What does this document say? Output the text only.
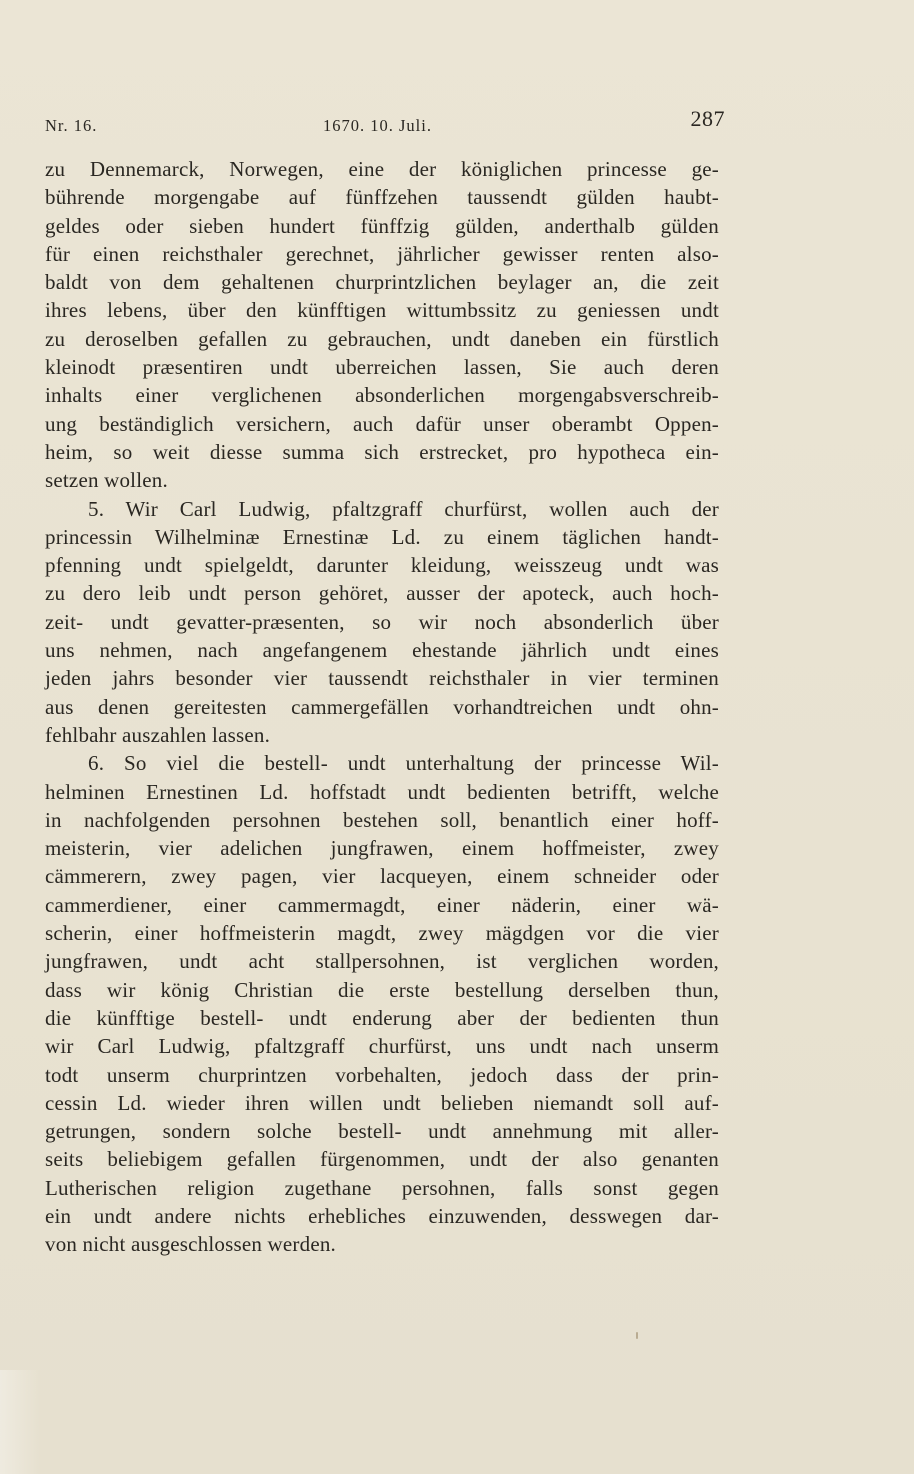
Nr. 16.	1670. 10. Juli.	287
zu Dennemarck, Norwegen, eine der königlichen princesse ge-
bührende morgengabe auf fünffzehen taussendt gülden haubt-
geldes oder sieben hundert fünffzig gülden, anderthalb gülden
für einen reichsthaler gerechnet, jährlicher gewisser renten also-
baldt von dem gehaltenen churprintzlichen beylager an, die zeit
ihres lebens, über den künfftigen wittumbssitz zu geniessen undt
zu deroselben gefallen zu gebrauchen, undt daneben ein fürstlich
kleinodt præsentiren undt uberreichen lassen, Sie auch deren
inhalts einer verglichenen absonderlichen morgengabsverschreib-
ung beständiglich versichern, auch dafür unser oberambt Oppen-
heim, so weit diesse summa sich erstrecket, pro hypotheca ein-
setzen wollen.
5. Wir Carl Ludwig, pfaltzgraff churfürst, wollen auch der
princessin Wilhelminæ Ernestinæ Ld. zu einem täglichen handt-
pfenning undt spielgeldt, darunter kleidung, weisszeug undt was
zu dero leib undt person gehöret, ausser der apoteck, auch hoch-
zeit- undt gevatter-præsenten, so wir noch absonderlich über
uns nehmen, nach angefangenem ehestande jährlich undt eines
jeden jahrs besonder vier taussendt reichsthaler in vier terminen
aus denen gereitesten cammergefällen vorhandtreichen undt ohn-
fehlbahr auszahlen lassen.
6. So viel die bestell- undt unterhaltung der princesse Wil-
helminen Ernestinen Ld. hoffstadt undt bedienten betrifft, welche
in nachfolgenden persohnen bestehen soll, benantlich einer hoff-
meisterin, vier adelichen jungfrawen, einem hoffmeister, zwey
cämmerern, zwey pagen, vier lacqueyen, einem schneider oder
cammerdiener, einer cammermagdt, einer näderin, einer wä-
scherin, einer hoffmeisterin magdt, zwey mägdgen vor die vier
jungfrawen, undt acht stallpersohnen, ist verglichen worden,
dass wir könig Christian die erste bestellung derselben thun,
die künfftige bestell- undt enderung aber der bedienten thun
wir Carl Ludwig, pfaltzgraff churfürst, uns undt nach unserm
todt unserm churprintzen vorbehalten, jedoch dass der prin-
cessin Ld. wieder ihren willen undt belieben niemandt soll auf-
getrungen, sondern solche bestell- undt annehmung mit aller-
seits beliebigem gefallen fürgenommen, undt der also genanten
Lutherischen religion zugethane persohnen, falls sonst gegen
ein undt andere nichts erhebliches einzuwenden, desswegen dar-
von nicht ausgeschlossen werden.
